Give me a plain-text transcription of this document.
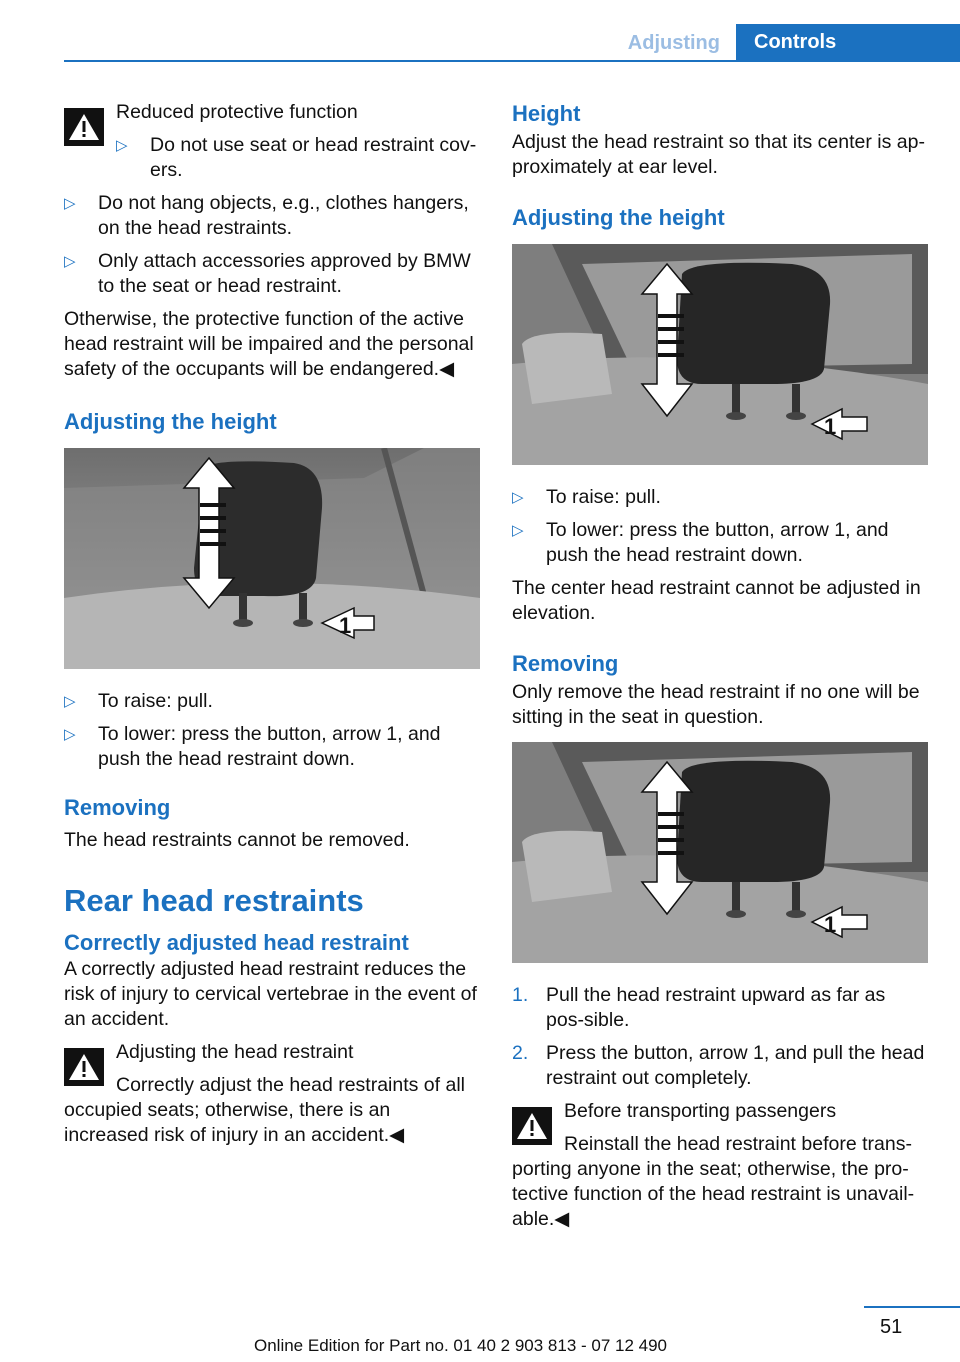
Adjusting	Controls
Reduced protective function
▷ Do not use seat or head restraint cov-ers.
▷ Do not hang objects, e.g., clothes hangers, on the head restraints.
▷ Only attach accessories approved by BMW to the seat or head restraint.

Otherwise, the protective function of the active head restraint will be impaired and the personal safety of the occupants will be endangered.◀

Adjusting the height
1
▷ To raise: pull.
▷ To lower: press the button, arrow 1, and push the head restraint down.
Removing

The head restraints cannot be removed.

Rear head restraints
Correctly adjusted head restraint

A correctly adjusted head restraint reduces the risk of injury to cervical vertebrae in the event of an accident.

Adjusting the head restraint
Correctly adjust the head restraints of all occupied seats; otherwise, there is an increased risk of injury in an accident.◀
Height

Adjust the head restraint so that its center is ap-proximately at ear level.

Adjusting the height
1
▷ To raise: pull.
▷ To lower: press the button, arrow 1, and push the head restraint down.

The center head restraint cannot be adjusted in elevation.

Removing

Only remove the head restraint if no one will be sitting in the seat in question.

1
1. Pull the head restraint upward as far as pos-sible.
2. Press the button, arrow 1, and pull the head restraint out completely.
Before transporting passengers
Reinstall the head restraint before trans-porting anyone in the seat; otherwise, the pro-tective function of the head restraint is unavail-able.◀
51
Online Edition for Part no. 01 40 2 903 813 - 07 12 490
